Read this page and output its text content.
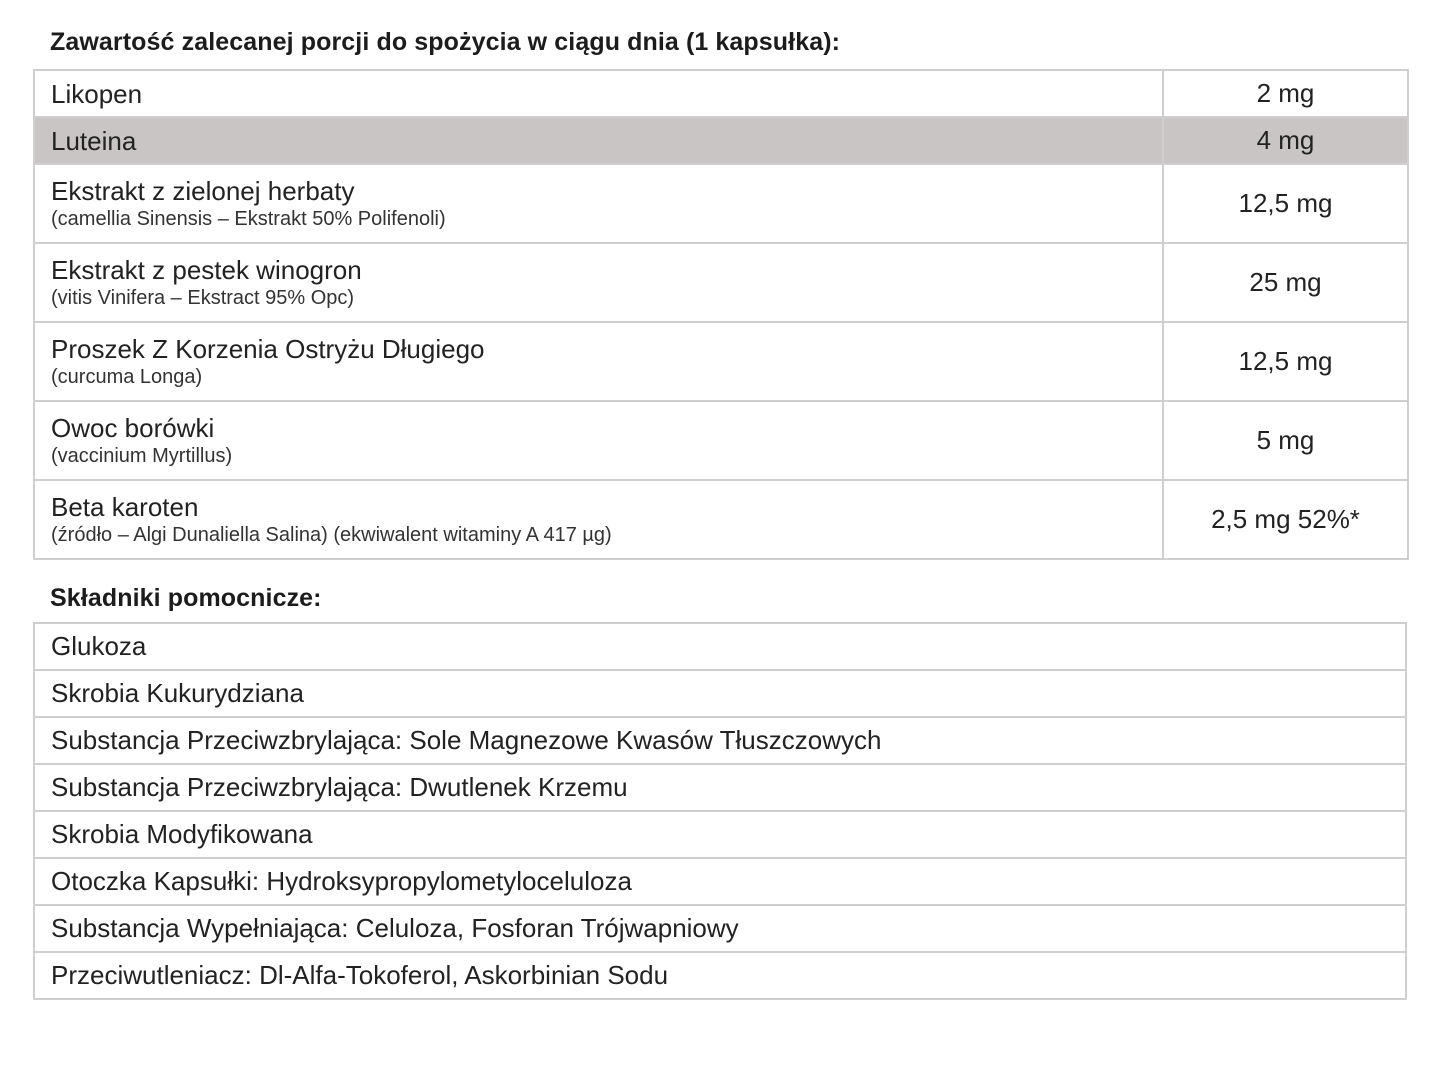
Zawartość zalecanej porcji do spożycia w ciągu dnia (1 kapsułka):
Likopen	2 mg

Luteina	4 mg

Ekstrakt z zielonej herbaty
(camellia Sinensis – Ekstrakt 50% Polifenoli)	12,5 mg

Ekstrakt z pestek winogron
(vitis Vinifera – Ekstract 95% Opc)	25 mg

Proszek Z Korzenia Ostryżu Długiego
(curcuma Longa)	12,5 mg

Owoc borówki
(vaccinium Myrtillus)	5 mg

Beta karoten
(źródło – Algi Dunaliella Salina) (ekwiwalent witaminy A 417 µg)	2,5 mg 52%*
Składniki pomocnicze:
Glukoza
Skrobia Kukurydziana
Substancja Przeciwzbrylająca: Sole Magnezowe Kwasów Tłuszczowych
Substancja Przeciwzbrylająca: Dwutlenek Krzemu
Skrobia Modyfikowana
Otoczka Kapsułki: Hydroksypropylometyloceluloza
Substancja Wypełniająca: Celuloza, Fosforan Trójwapniowy
Przeciwutleniacz: Dl-Alfa-Tokoferol, Askorbinian Sodu
